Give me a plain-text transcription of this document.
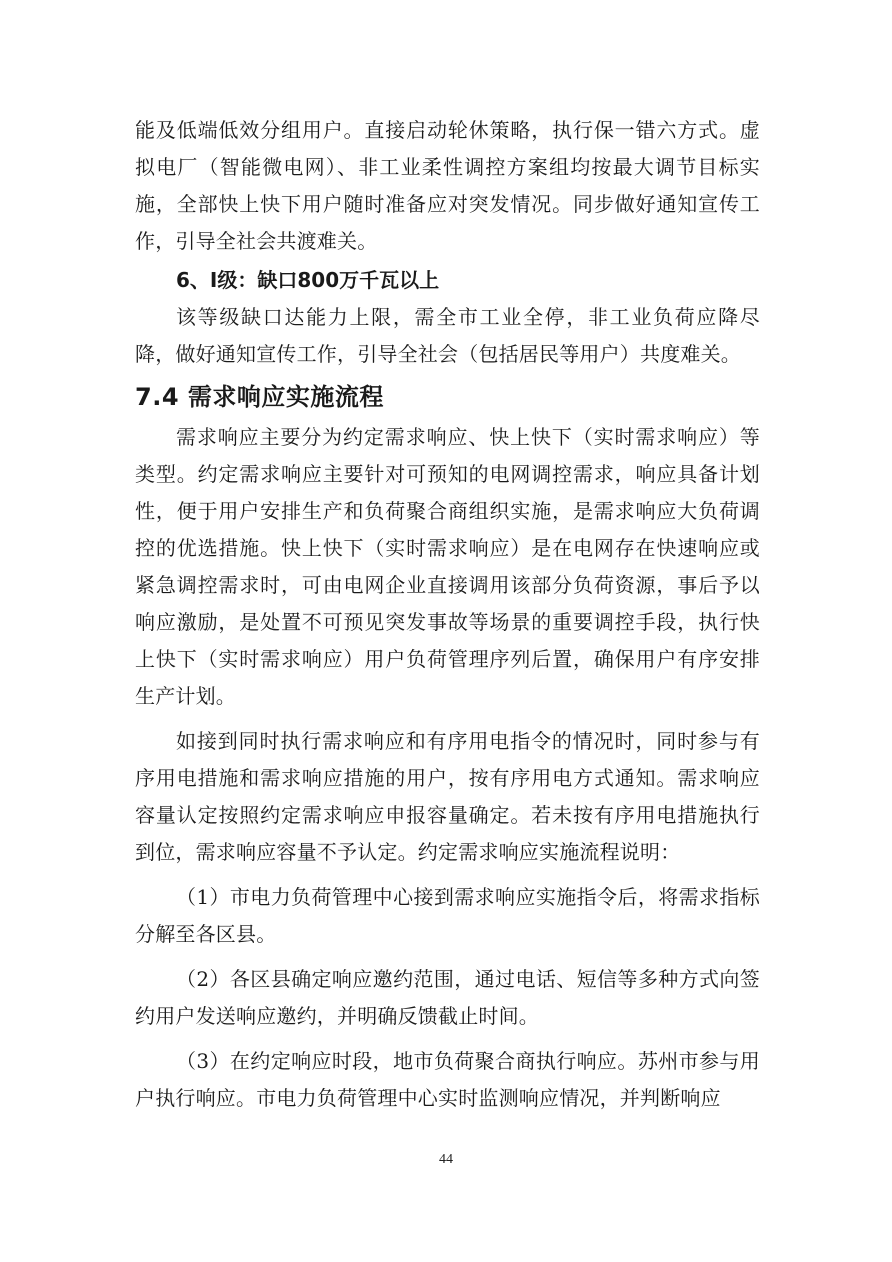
能及低端低效分组用户。直接启动轮休策略，执行保一错六方式。虚拟电厂（智能微电网）、非工业柔性调控方案组均按最大调节目标实施，全部快上快下用户随时准备应对突发情况。同步做好通知宣传工作，引导全社会共渡难关。

6、Ⅰ级：缺口800万千瓦以上

该等级缺口达能力上限，需全市工业全停，非工业负荷应降尽降，做好通知宣传工作，引导全社会（包括居民等用户）共度难关。

7.4 需求响应实施流程

需求响应主要分为约定需求响应、快上快下（实时需求响应）等类型。约定需求响应主要针对可预知的电网调控需求，响应具备计划性，便于用户安排生产和负荷聚合商组织实施，是需求响应大负荷调控的优选措施。快上快下（实时需求响应）是在电网存在快速响应或紧急调控需求时，可由电网企业直接调用该部分负荷资源，事后予以响应激励，是处置不可预见突发事故等场景的重要调控手段，执行快上快下（实时需求响应）用户负荷管理序列后置，确保用户有序安排生产计划。

如接到同时执行需求响应和有序用电指令的情况时，同时参与有序用电措施和需求响应措施的用户，按有序用电方式通知。需求响应容量认定按照约定需求响应申报容量确定。若未按有序用电措施执行到位，需求响应容量不予认定。约定需求响应实施流程说明：

（1）市电力负荷管理中心接到需求响应实施指令后，将需求指标分解至各区县。

（2）各区县确定响应邀约范围，通过电话、短信等多种方式向签约用户发送响应邀约，并明确反馈截止时间。

（3）在约定响应时段，地市负荷聚合商执行响应。苏州市参与用户执行响应。市电力负荷管理中心实时监测响应情况，并判断响应

44
